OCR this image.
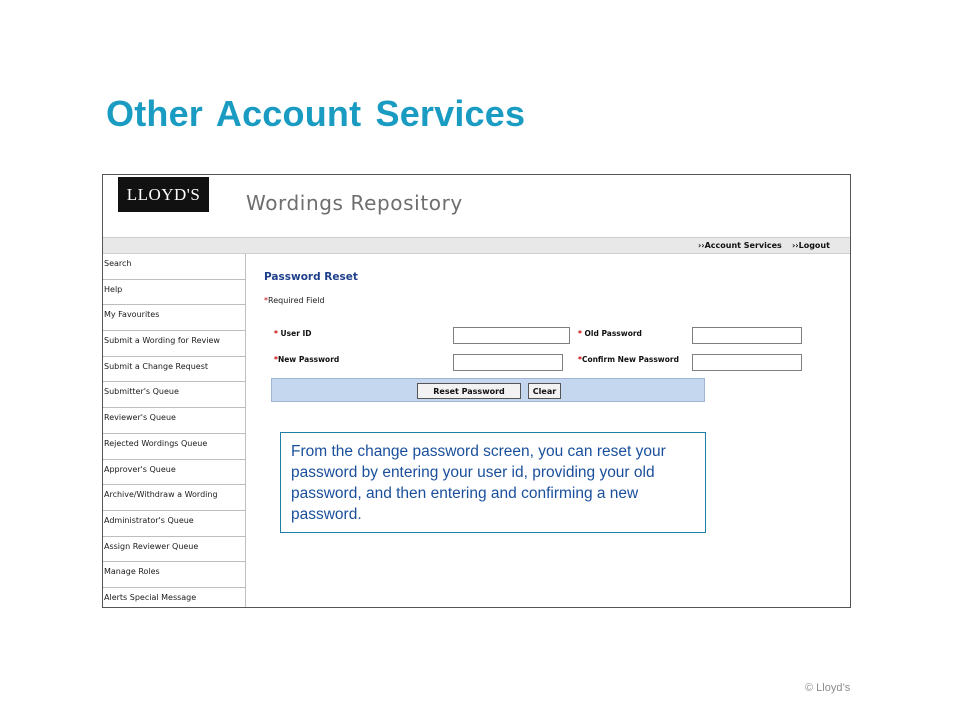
Other Account Services
LLOYD'S	Wordings Repository
››Account Services ››Logout
Search
Help
My Favourites
Submit a Wording for Review
Submit a Change Request
Submitter's Queue
Reviewer's Queue
Rejected Wordings Queue
Approver's Queue
Archive/Withdraw a Wording
Administrator's Queue
Assign Reviewer Queue
Manage Roles
Alerts Special Message
Password Reset
*Required Field
* User ID	* Old Password
*New Password	*Confirm New Password
Reset Password	Clear
From the change password screen, you can reset your password by entering your user id, providing your old password, and then entering and confirming a new password.
© Lloyd’s
